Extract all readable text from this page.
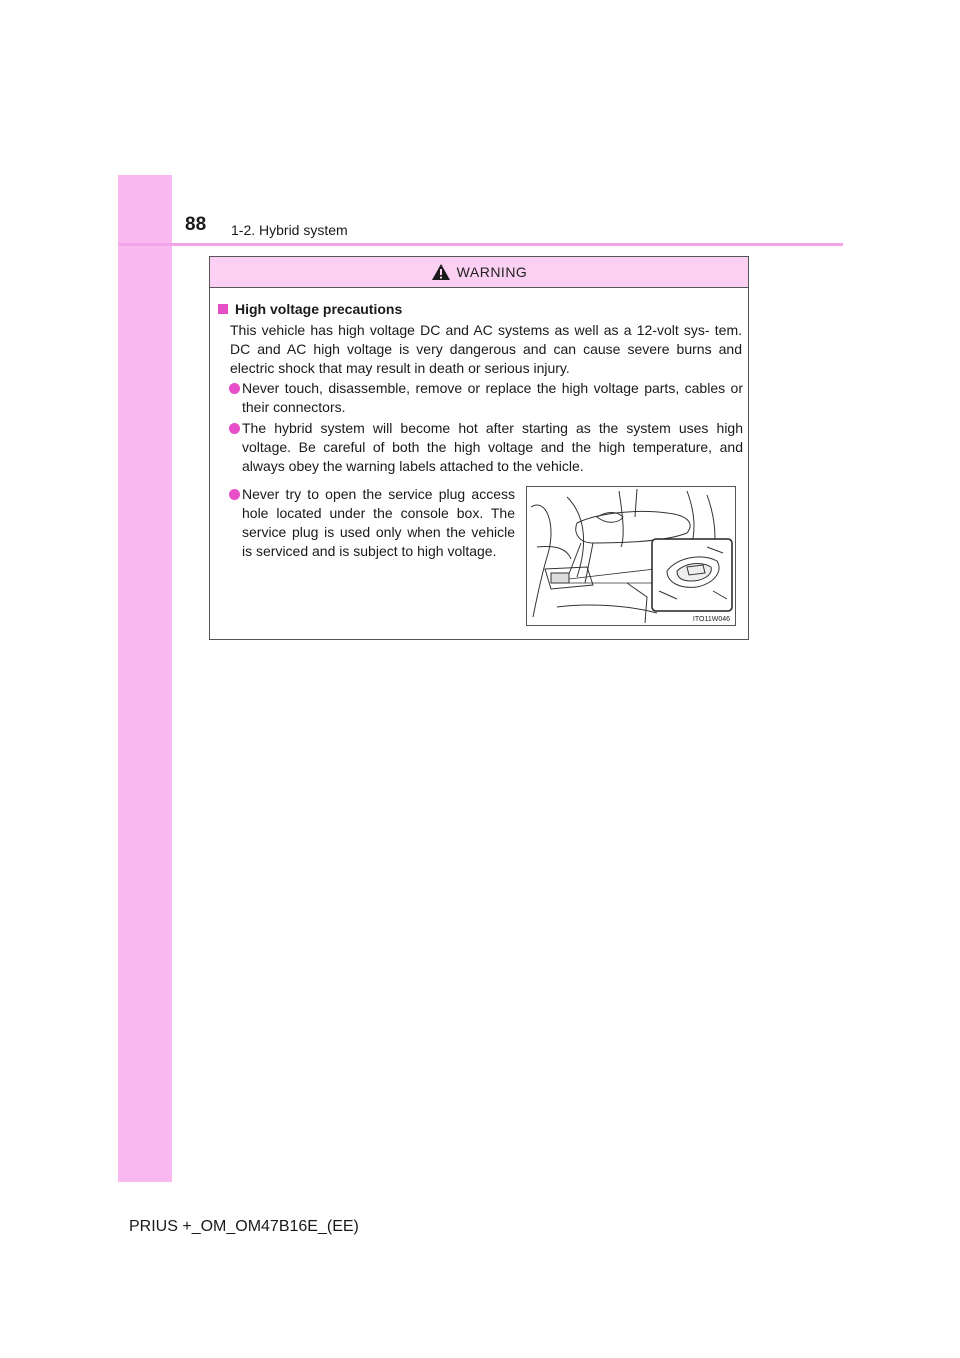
88 1-2. Hybrid system
WARNING
High voltage precautions
This vehicle has high voltage DC and AC systems as well as a 12-volt sys- tem. DC and AC high voltage is very dangerous and can cause severe burns and electric shock that may result in death or serious injury.
Never touch, disassemble, remove or replace the high voltage parts, cables or their connectors.
The hybrid system will become hot after starting as the system uses high voltage. Be careful of both the high voltage and the high temperature, and always obey the warning labels attached to the vehicle.
Never try to open the service plug access hole located under the console box. The service plug is used only when the vehicle is serviced and is subject to high voltage.
ITO11W046
PRIUS +_OM_OM47B16E_(EE)
